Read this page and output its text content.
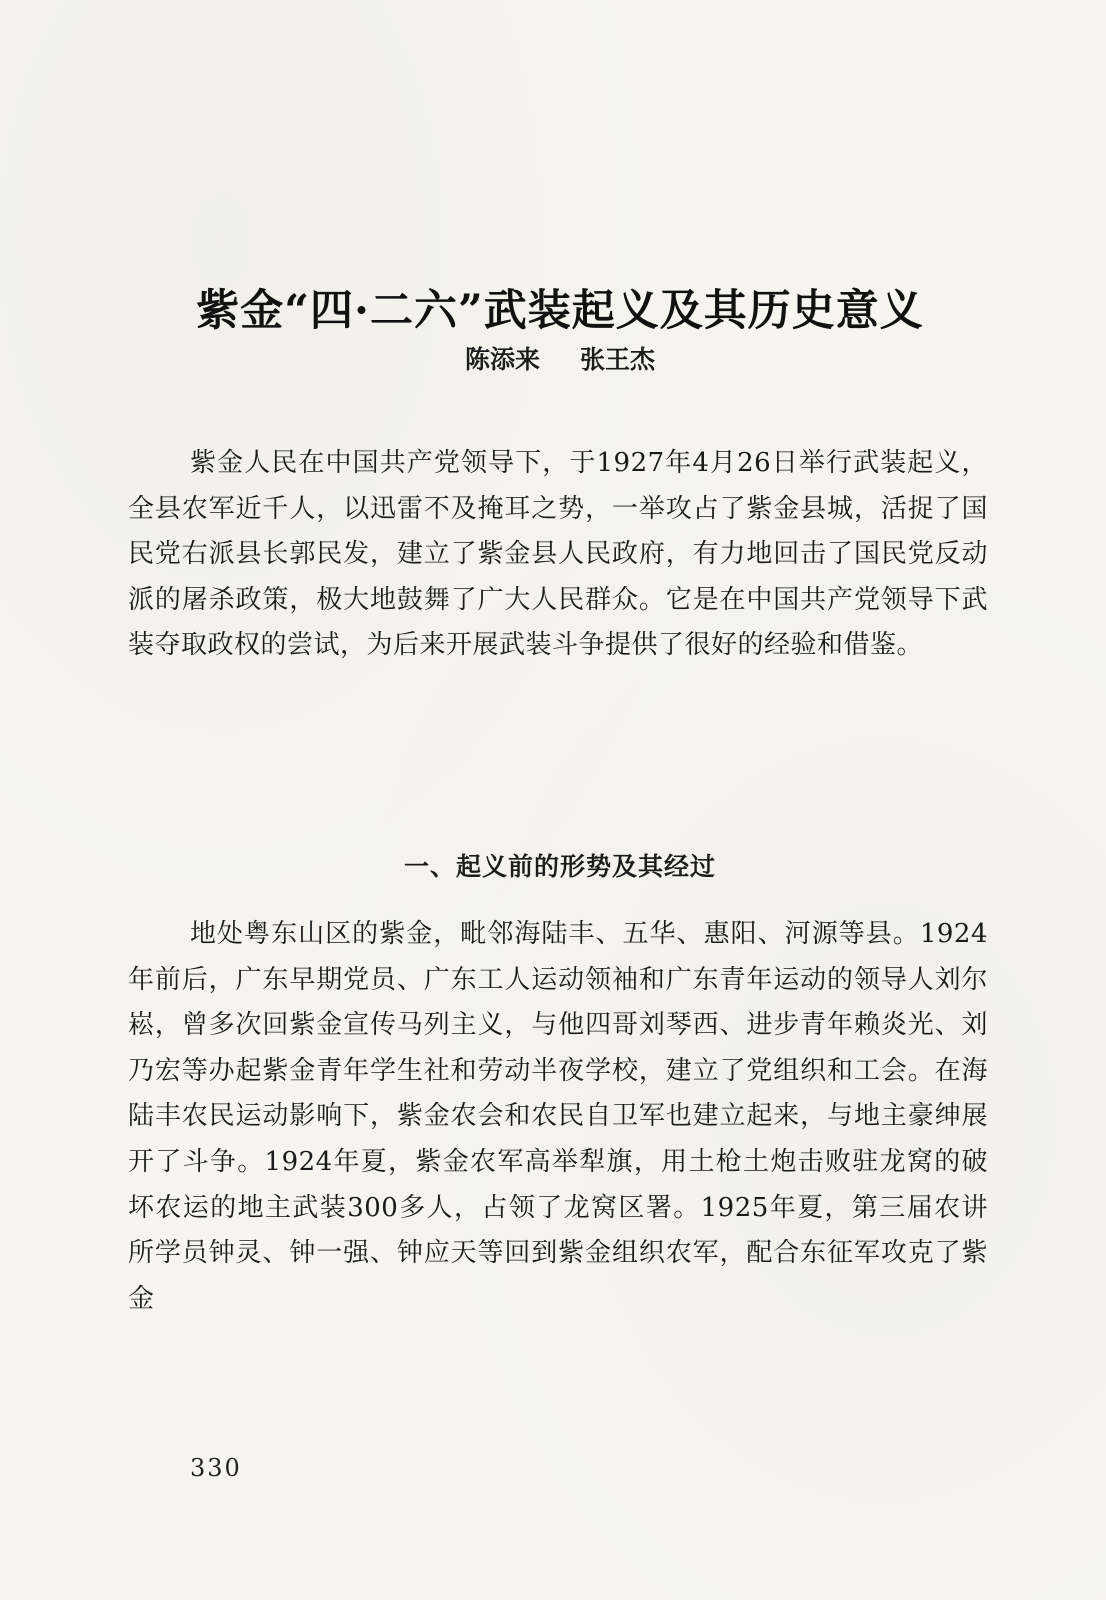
紫金“四·二六”武装起义及其历史意义
陈添来 张王杰

紫金人民在中国共产党领导下，于1927年4月26日举行武装起义，全县农军近千人，以迅雷不及掩耳之势，一举攻占了紫金县城，活捉了国民党右派县长郭民发，建立了紫金县人民政府，有力地回击了国民党反动派的屠杀政策，极大地鼓舞了广大人民群众。它是在中国共产党领导下武装夺取政权的尝试，为后来开展武装斗争提供了很好的经验和借鉴。

一、起义前的形势及其经过

地处粤东山区的紫金，毗邻海陆丰、五华、惠阳、河源等县。1924年前后，广东早期党员、广东工人运动领袖和广东青年运动的领导人刘尔崧，曾多次回紫金宣传马列主义，与他四哥刘琴西、进步青年赖炎光、刘乃宏等办起紫金青年学生社和劳动半夜学校，建立了党组织和工会。在海陆丰农民运动影响下，紫金农会和农民自卫军也建立起来，与地主豪绅展开了斗争。1924年夏，紫金农军高举犁旗，用土枪土炮击败驻龙窝的破坏农运的地主武装300多人，占领了龙窝区署。1925年夏，第三届农讲所学员钟灵、钟一强、钟应天等回到紫金组织农军，配合东征军攻克了紫金

330
